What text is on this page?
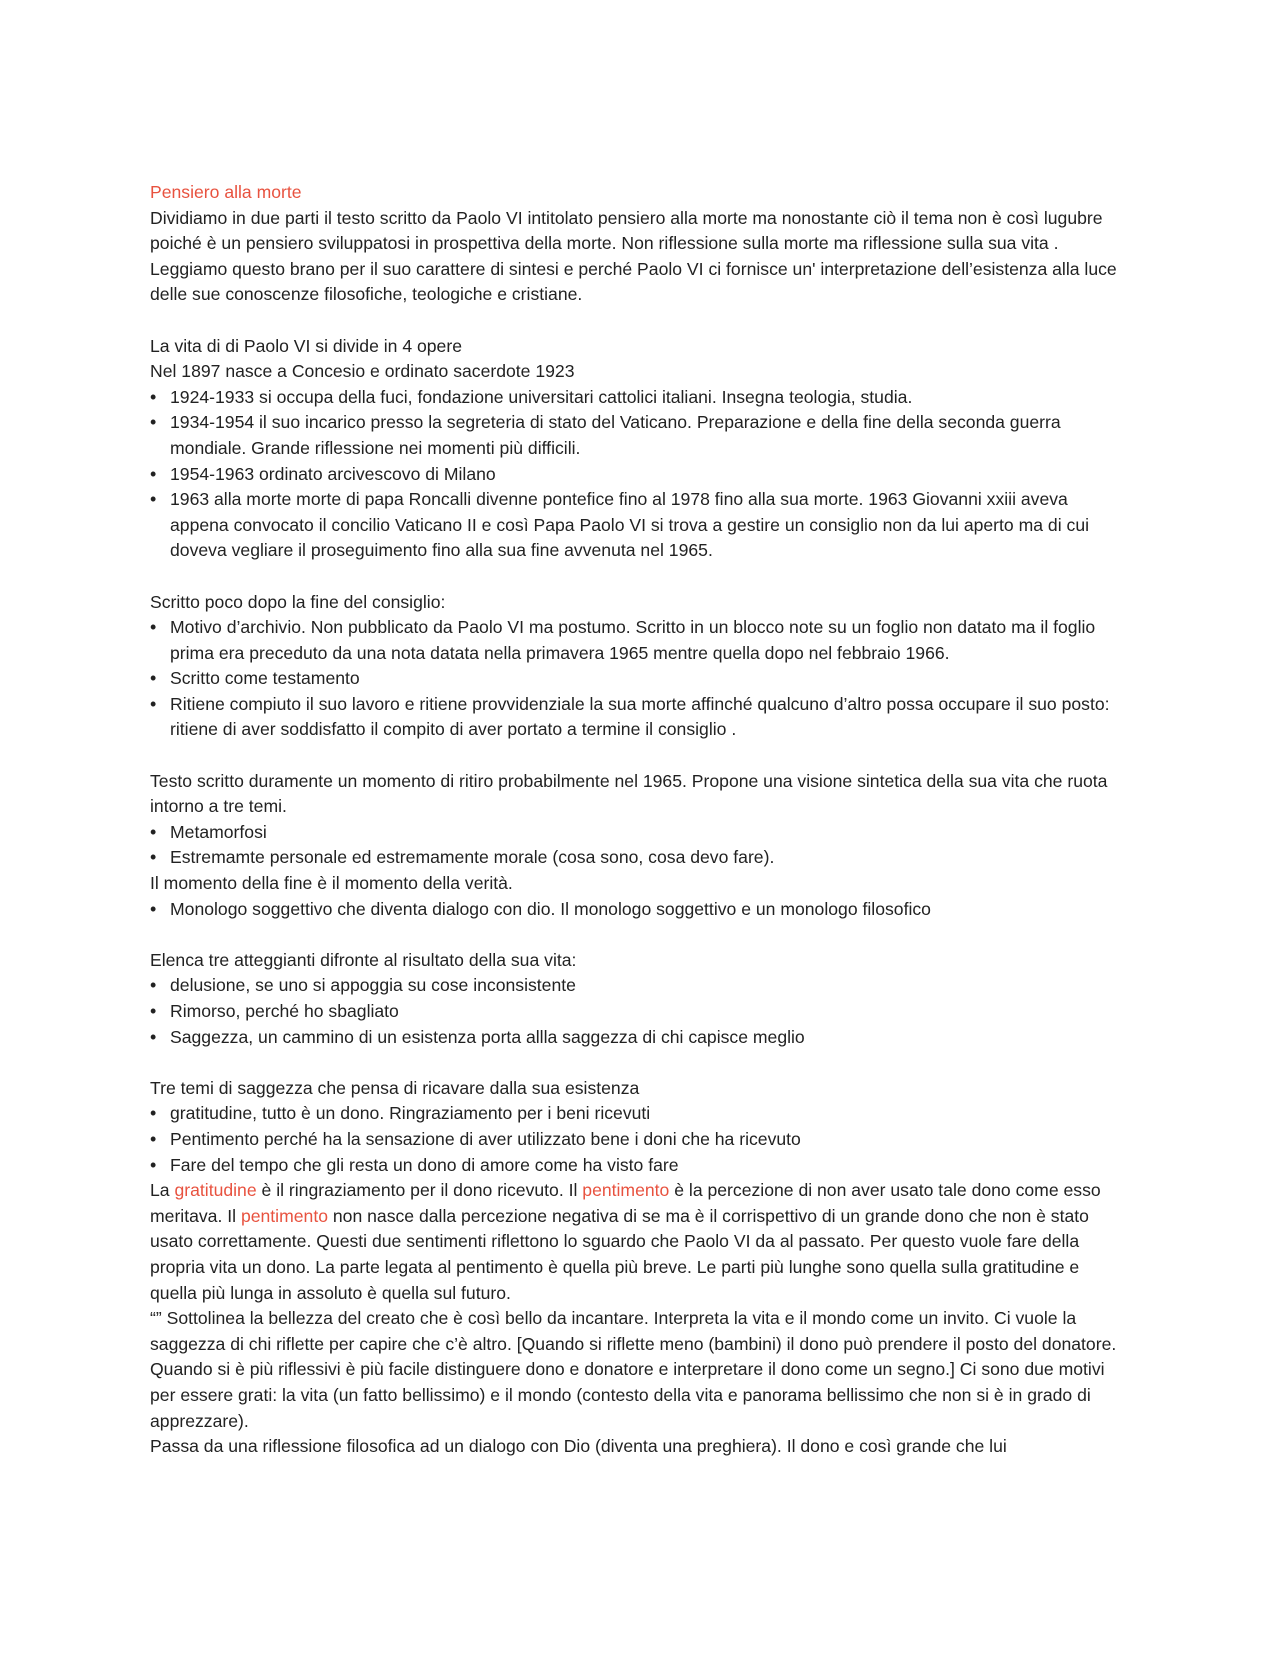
Pensiero alla morte

Dividiamo in due parti il testo scritto da Paolo VI intitolato pensiero alla morte ma nonostante ciò il tema non è così lugubre poiché è un pensiero sviluppatosi in prospettiva della morte. Non riflessione sulla morte ma riflessione sulla sua vita .

Leggiamo questo brano per il suo carattere di sintesi e perché Paolo VI ci fornisce un' interpretazione dell’esistenza alla luce delle sue conoscenze filosofiche, teologiche e cristiane.

La vita di di Paolo VI si divide in 4 opere

Nel 1897 nasce a Concesio e ordinato sacerdote 1923

• 1924-1933 si occupa della fuci, fondazione universitari cattolici italiani. Insegna teologia, studia.
• 1934-1954 il suo incarico presso la segreteria di stato del Vaticano. Preparazione e della fine della seconda guerra mondiale. Grande riflessione nei momenti più difficili.
• 1954-1963 ordinato arcivescovo di Milano
• 1963 alla morte morte di papa Roncalli divenne pontefice fino al 1978 fino alla sua morte. 1963 Giovanni xxiii aveva appena convocato il concilio Vaticano II e così Papa Paolo VI si trova a gestire un consiglio non da lui aperto ma di cui doveva vegliare il proseguimento fino alla sua fine avvenuta nel 1965.

Scritto poco dopo la fine del consiglio:

• Motivo d’archivio. Non pubblicato da Paolo VI ma postumo. Scritto in un blocco note su un foglio non datato ma il foglio prima era preceduto da una nota datata nella primavera 1965 mentre quella dopo nel febbraio 1966.
• Scritto come testamento
• Ritiene compiuto il suo lavoro e ritiene provvidenziale la sua morte affinché qualcuno d’altro possa occupare il suo posto: ritiene di aver soddisfatto il compito di aver portato a termine il consiglio .

Testo scritto duramente un momento di ritiro probabilmente nel 1965. Propone una visione sintetica della sua vita che ruota intorno a tre temi.

• Metamorfosi
• Estremamte personale ed estremamente morale (cosa sono, cosa devo fare).

Il momento della fine è il momento della verità.

• Monologo soggettivo che diventa dialogo con dio. Il monologo soggettivo e un monologo filosofico

Elenca tre atteggianti difronte al risultato della sua vita:

• delusione, se uno si appoggia su cose inconsistente
• Rimorso, perché ho sbagliato
• Saggezza, un cammino di un esistenza porta allla saggezza di chi capisce meglio

Tre temi di saggezza che pensa di ricavare dalla sua esistenza

• gratitudine, tutto è un dono. Ringraziamento per i beni ricevuti
• Pentimento perché ha la sensazione di aver utilizzato bene i doni che ha ricevuto
• Fare del tempo che gli resta un dono di amore come ha visto fare

La gratitudine è il ringraziamento per il dono ricevuto. Il pentimento è la percezione di non aver usato tale dono come esso meritava. Il pentimento non nasce dalla percezione negativa di se ma è il corrispettivo di un grande dono che non è stato usato correttamente. Questi due sentimenti riflettono lo sguardo che Paolo VI da al passato. Per questo vuole fare della propria vita un dono. La parte legata al pentimento è quella più breve. Le parti più lunghe sono quella sulla gratitudine e quella più lunga in assoluto è quella sul futuro.

“” Sottolinea la bellezza del creato che è così bello da incantare. Interpreta la vita e il mondo come un invito. Ci vuole la saggezza di chi riflette per capire che c’è altro. [Quando si riflette meno (bambini) il dono può prendere il posto del donatore. Quando si è più riflessivi è più facile distinguere dono e donatore e interpretare il dono come un segno.] Ci sono due motivi per essere grati: la vita (un fatto bellissimo) e il mondo (contesto della vita e panorama bellissimo che non si è in grado di apprezzare).

Passa da una riflessione filosofica ad un dialogo con Dio (diventa una preghiera). Il dono e così grande che lui
